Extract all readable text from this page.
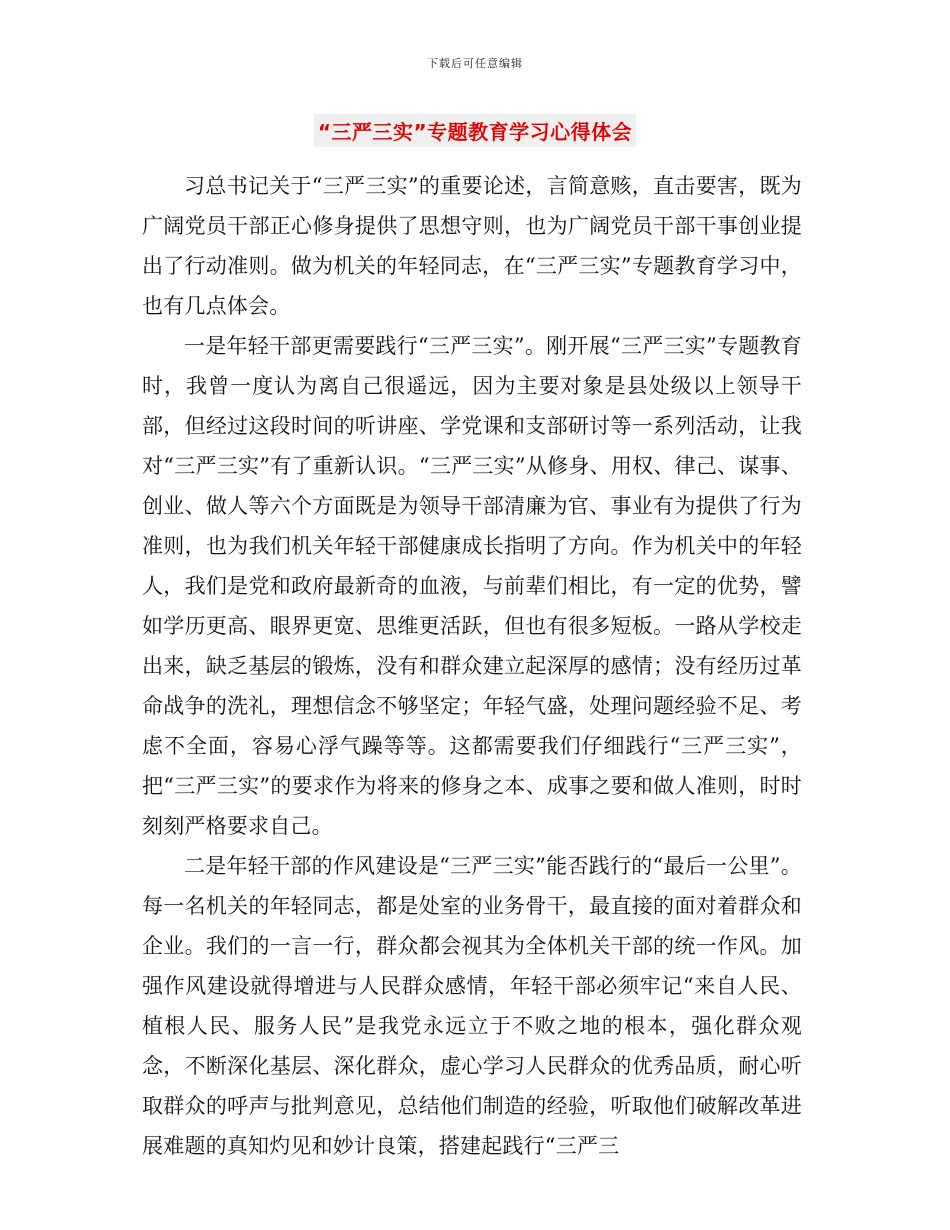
下载后可任意编辑
“三严三实”专题教育学习心得体会

习总书记关于“三严三实”的重要论述，言简意赅，直击要害，既为广阔党员干部正心修身提供了思想守则，也为广阔党员干部干事创业提出了行动准则。做为机关的年轻同志，在“三严三实”专题教育学习中，也有几点体会。

一是年轻干部更需要践行“三严三实”。刚开展“三严三实”专题教育时，我曾一度认为离自己很遥远，因为主要对象是县处级以上领导干部，但经过这段时间的听讲座、学党课和支部研讨等一系列活动，让我对“三严三实”有了重新认识。“三严三实”从修身、用权、律己、谋事、创业、做人等六个方面既是为领导干部清廉为官、事业有为提供了行为准则，也为我们机关年轻干部健康成长指明了方向。作为机关中的年轻人，我们是党和政府最新奇的血液，与前辈们相比，有一定的优势，譬如学历更高、眼界更宽、思维更活跃，但也有很多短板。一路从学校走出来，缺乏基层的锻炼，没有和群众建立起深厚的感情；没有经历过革命战争的洗礼，理想信念不够坚定；年轻气盛，处理问题经验不足、考虑不全面，容易心浮气躁等等。这都需要我们仔细践行“三严三实”，把“三严三实”的要求作为将来的修身之本、成事之要和做人准则，时时刻刻严格要求自己。

二是年轻干部的作风建设是“三严三实”能否践行的“最后一公里”。每一名机关的年轻同志，都是处室的业务骨干，最直接的面对着群众和企业。我们的一言一行，群众都会视其为全体机关干部的统一作风。加强作风建设就得增进与人民群众感情，年轻干部必须牢记“来自人民、植根人民、服务人民”是我党永远立于不败之地的根本，强化群众观念，不断深化基层、深化群众，虚心学习人民群众的优秀品质，耐心听取群众的呼声与批判意见，总结他们制造的经验，听取他们破解改革进展难题的真知灼见和妙计良策，搭建起践行“三严三
